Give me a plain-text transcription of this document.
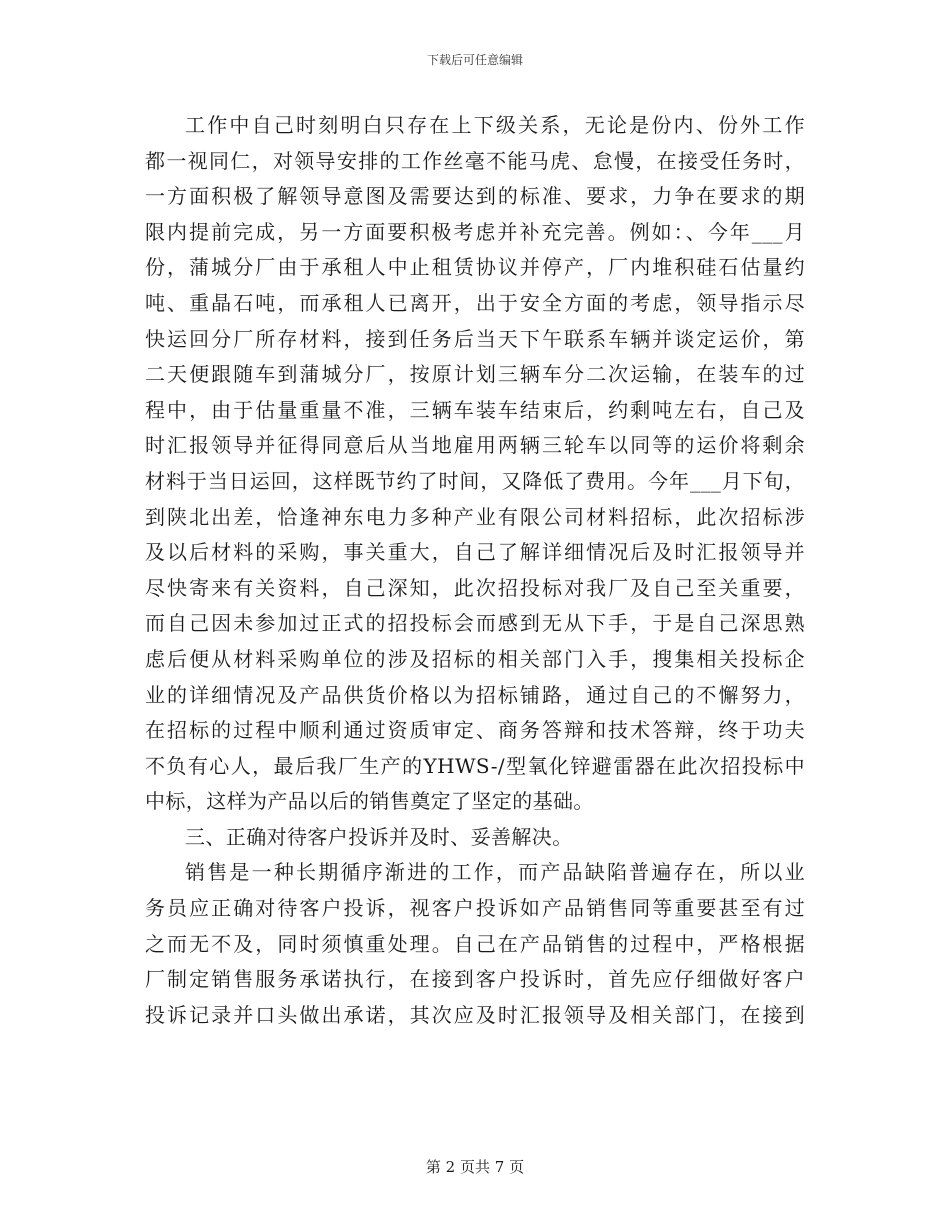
下载后可任意编辑
工作中自己时刻明白只存在上下级关系，无论是份内、份外工作
都一视同仁，对领导安排的工作丝毫不能马虎、怠慢，在接受任务时，
一方面积极了解领导意图及需要达到的标准、要求，力争在要求的期
限内提前完成，另一方面要积极考虑并补充完善。例如：、今年___月
份，蒲城分厂由于承租人中止租赁协议并停产，厂内堆积硅石估量约
吨、重晶石吨，而承租人已离开，出于安全方面的考虑，领导指示尽
快运回分厂所存材料，接到任务后当天下午联系车辆并谈定运价，第
二天便跟随车到蒲城分厂，按原计划三辆车分二次运输，在装车的过
程中，由于估量重量不准，三辆车装车结束后，约剩吨左右，自己及
时汇报领导并征得同意后从当地雇用两辆三轮车以同等的运价将剩余
材料于当日运回，这样既节约了时间，又降低了费用。今年___月下旬，
到陕北出差，恰逢神东电力多种产业有限公司材料招标，此次招标涉
及以后材料的采购，事关重大，自己了解详细情况后及时汇报领导并
尽快寄来有关资料，自己深知，此次招投标对我厂及自己至关重要，
而自己因未参加过正式的招投标会而感到无从下手，于是自己深思熟
虑后便从材料采购单位的涉及招标的相关部门入手，搜集相关投标企
业的详细情况及产品供货价格以为招标铺路，通过自己的不懈努力，
在招标的过程中顺利通过资质审定、商务答辩和技术答辩，终于功夫
不负有心人，最后我厂生产的YHWS-/型氧化锌避雷器在此次招投标中
中标，这样为产品以后的销售奠定了坚定的基础。
三、正确对待客户投诉并及时、妥善解决。
销售是一种长期循序渐进的工作，而产品缺陷普遍存在，所以业
务员应正确对待客户投诉，视客户投诉如产品销售同等重要甚至有过
之而无不及，同时须慎重处理。自己在产品销售的过程中，严格根据
厂制定销售服务承诺执行，在接到客户投诉时，首先应仔细做好客户
投诉记录并口头做出承诺，其次应及时汇报领导及相关部门，在接到
第 2 页共 7 页
